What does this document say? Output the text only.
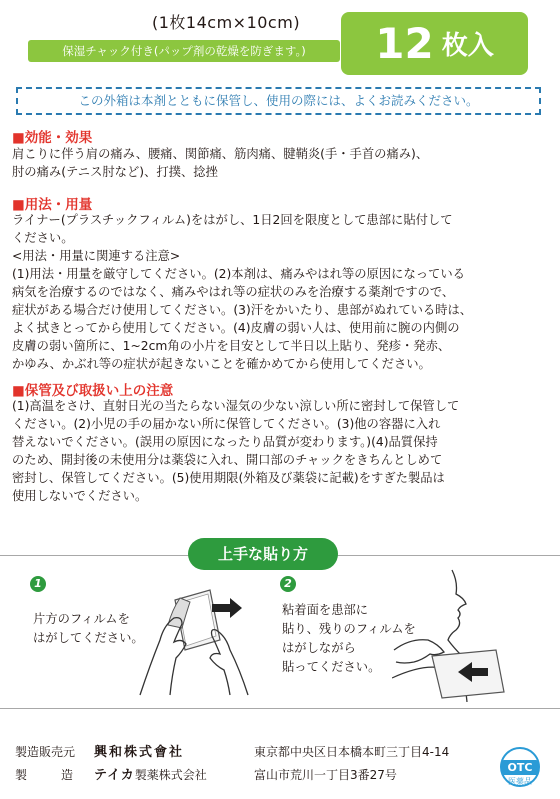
(1枚14cm×10cm)
保湿チャック付き(パップ剤の乾燥を防ぎます。)	12 枚入
この外箱は本剤とともに保管し、使用の際には、よくお読みください。
■効能・効果
肩こりに伴う肩の痛み、腰痛、関節痛、筋肉痛、腱鞘炎(手・手首の痛み)、
肘の痛み(テニス肘など)、打撲、捻挫
■用法・用量
ライナー(プラスチックフィルム)をはがし、1日2回を限度として患部に貼付して
ください。
<用法・用量に関連する注意>
(1)用法・用量を厳守してください。(2)本剤は、痛みやはれ等の原因になっている
病気を治療するのではなく、痛みやはれ等の症状のみを治療する薬剤ですので、
症状がある場合だけ使用してください。(3)汗をかいたり、患部がぬれている時は、
よく拭きとってから使用してください。(4)皮膚の弱い人は、使用前に腕の内側の
皮膚の弱い箇所に、1~2cm角の小片を目安として半日以上貼り、発疹・発赤、
かゆみ、かぶれ等の症状が起きないことを確かめてから使用してください。
■保管及び取扱い上の注意
(1)高温をさけ、直射日光の当たらない湿気の少ない涼しい所に密封して保管して
ください。(2)小児の手の届かない所に保管してください。(3)他の容器に入れ
替えないでください。(誤用の原因になったり品質が変わります。)(4)品質保持
のため、開封後の未使用分は薬袋に入れ、開口部のチャックをきちんとしめて
密封し、保管してください。(5)使用期限(外箱及び薬袋に記載)をすぎた製品は
使用しないでください。
上手な貼り方
1
片方のフィルムを
はがしてください。
2
粘着面を患部に
貼り、残りのフィルムを
はがしながら
貼ってください。
製造販売元 興和株式會社	東京都中央区日本橋本町三丁目4-14
製	造 テイカ製薬株式会社	富山市荒川一丁目3番27号
OTC
医薬品
